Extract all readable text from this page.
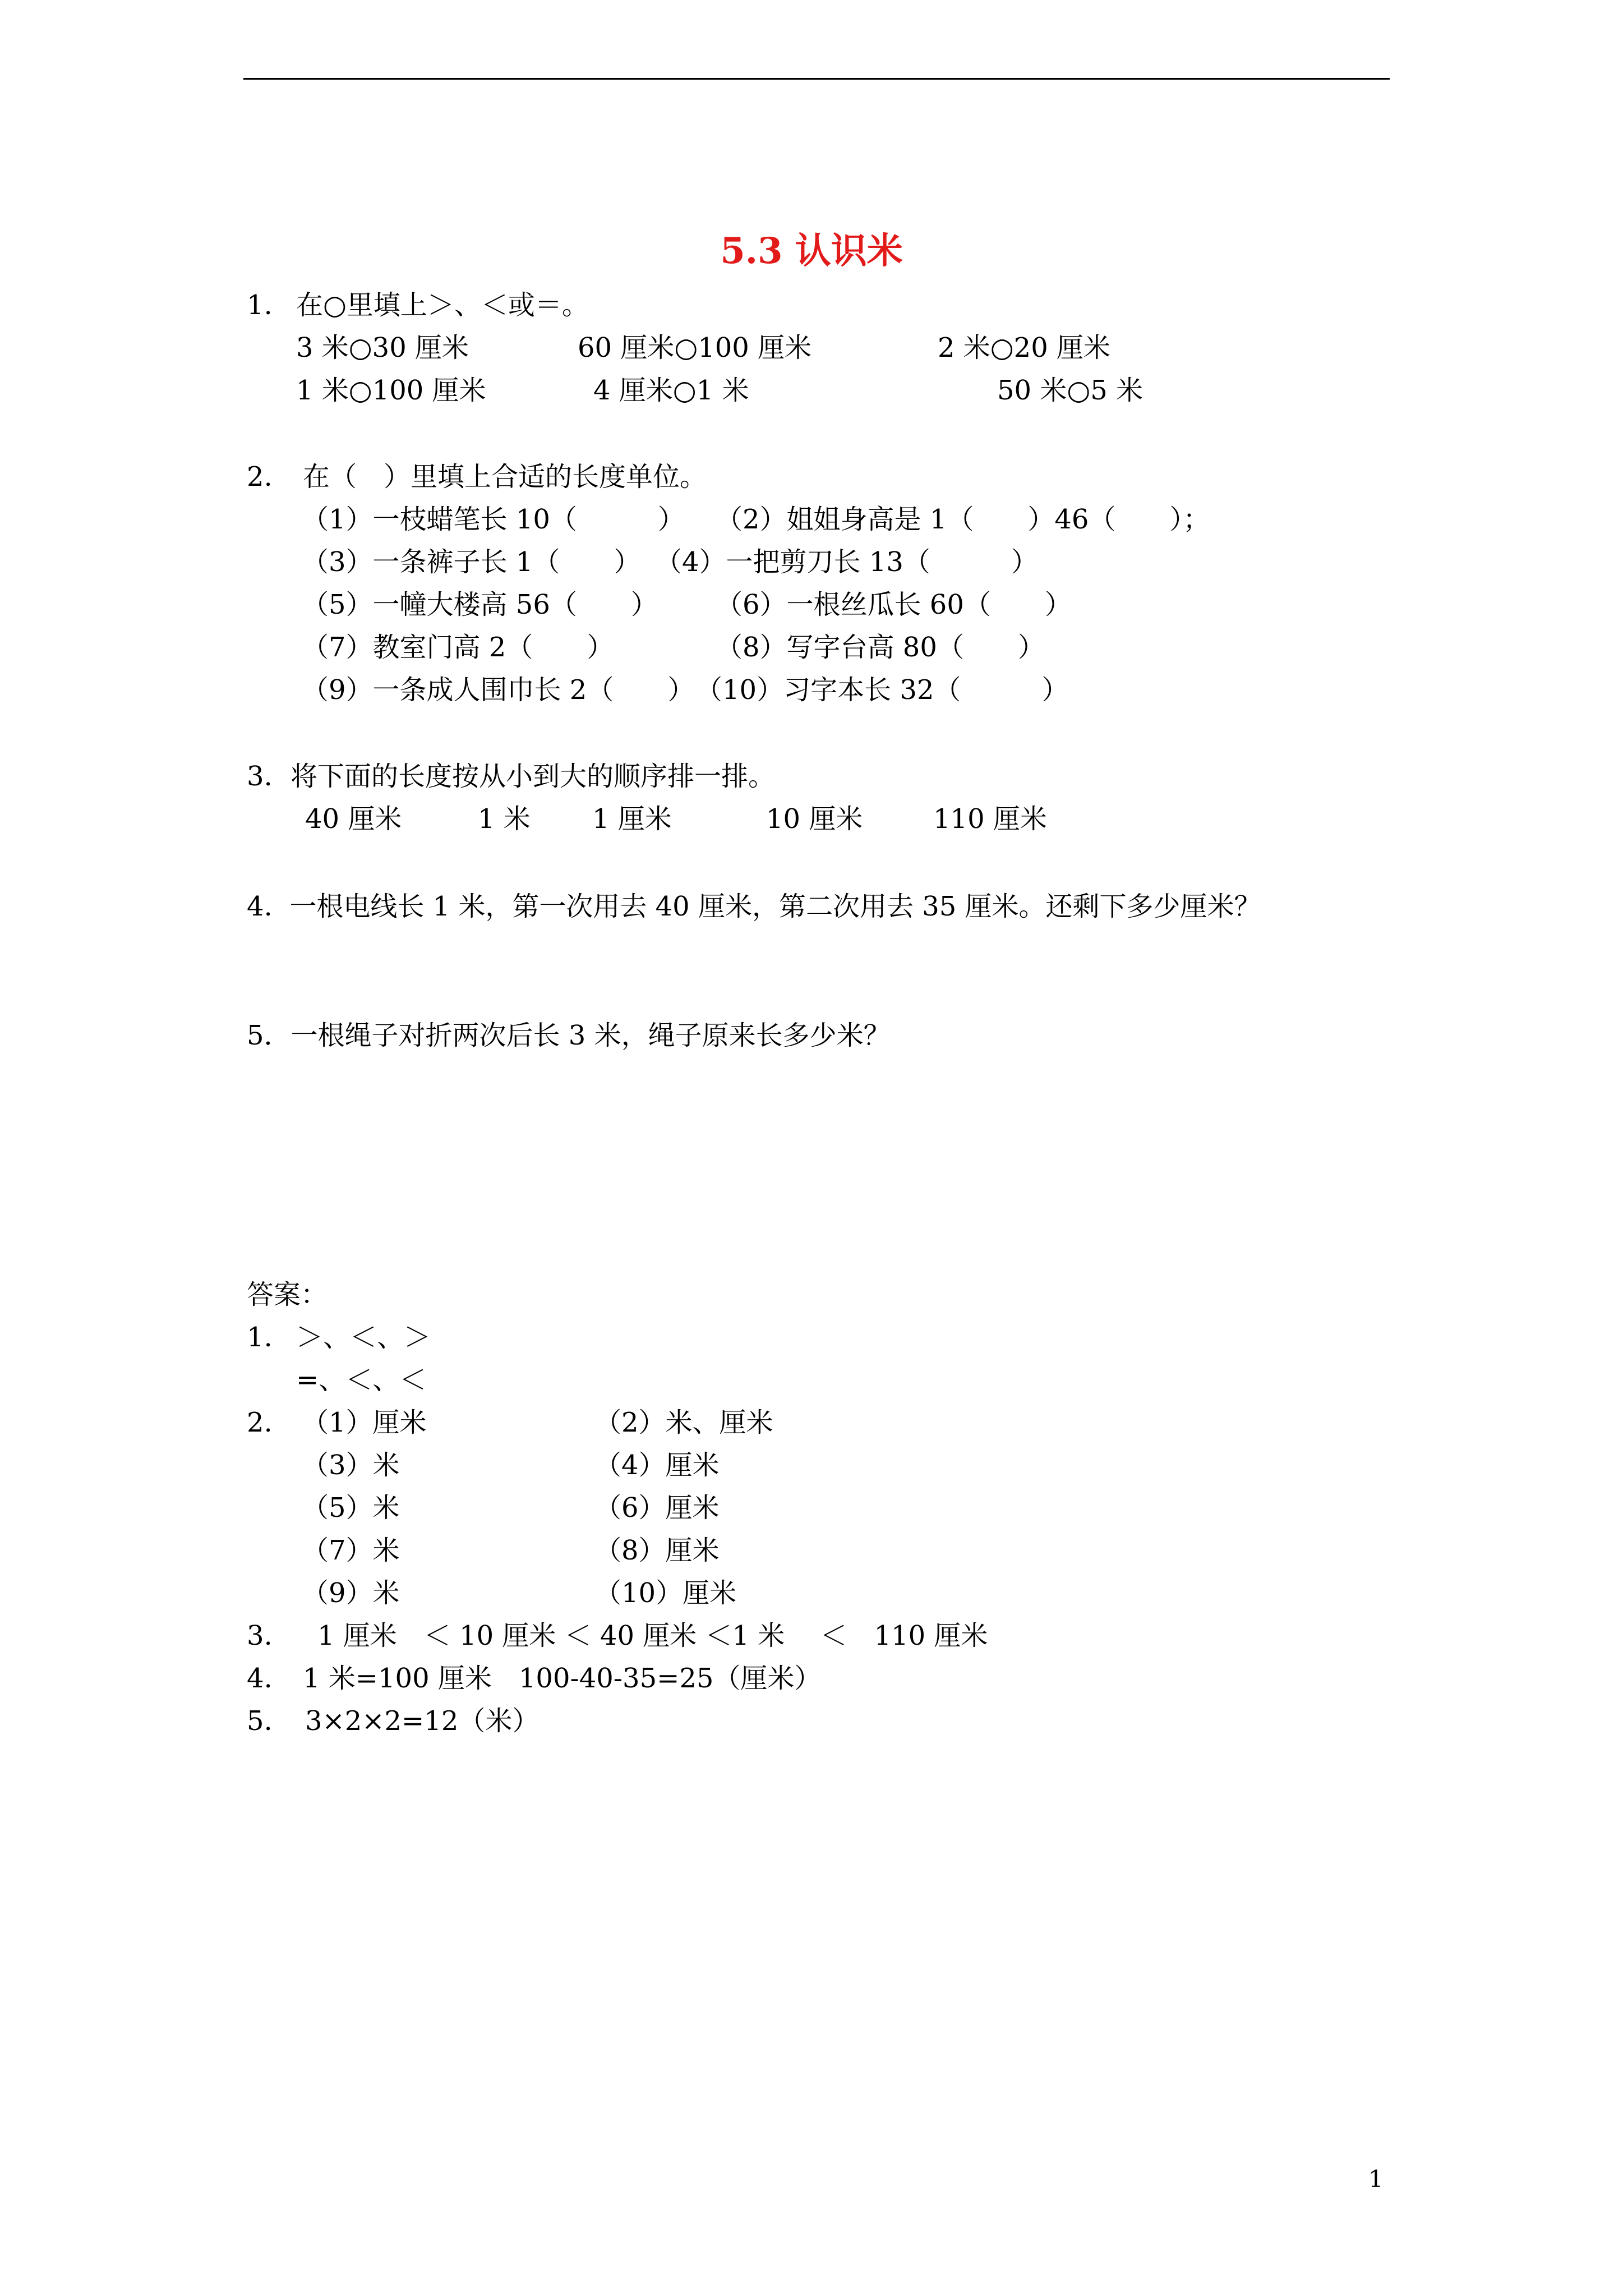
5.3 认识米
1. 在○里填上＞、＜或＝。
3 米○30 厘米	60 厘米○100 厘米	2 米○20 厘米
1 米○100 厘米	4 厘米○1 米	50 米○5 米
2. 在（　）里填上合适的长度单位。
（1）一枝蜡笔长 10（　　　） （2）姐姐身高是 1（　　）46（　　）；
（3）一条裤子长 1（　　） （4）一把剪刀长 13（　　　）
（5）一幢大楼高 56（　　） （6）一根丝瓜长 60（　　）
（7）教室门高 2（　　）	（8）写字台高 80（　　）
（9）一条成人围巾长 2（　　） （10）习字本长 32（　　　）
3. 将下面的长度按从小到大的顺序排一排。
40 厘米	1 米 1 厘米	10 厘米	110 厘米
4.  一根电线长 1 米，第一次用去 40 厘米，第二次用去 35 厘米。还剩下多少厘米？
5．一根绳子对折两次后长 3 米，绳子原来长多少米？
答案：
1. ＞、＜、＞
=、＜、＜
2. （1）厘米	（2）米、厘米
（3）米	（4）厘米
（5）米	（6）厘米
（7）米	（8）厘米
（9）米	（10）厘米
3. 1 厘米　＜ 10 厘米 ＜ 40 厘米 ＜1 米　 ＜　110 厘米
4. 1 米=100 厘米　100-40-35=25（厘米）
5. 3×2×2=12（米）
1
